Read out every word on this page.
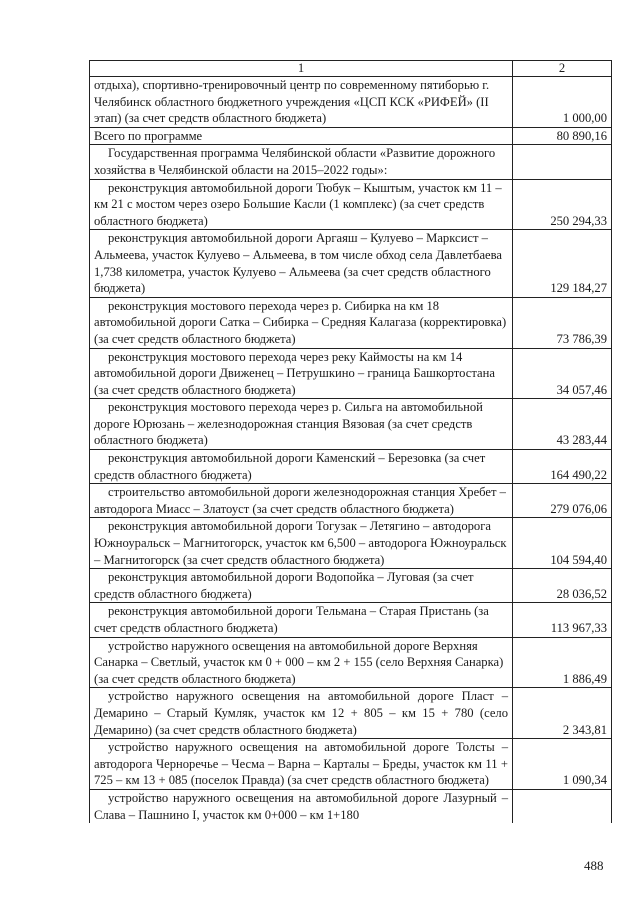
1	2
отдыха), спортивно-тренировочный центр по современному пятиборью г. Челябинск областного бюджетного учреждения «ЦСП КСК «РИФЕЙ» (II этап) (за счет средств областного бюджета)	1 000,00
Всего по программе	80 890,16
Государственная программа Челябинской области «Развитие дорожного хозяйства в Челябинской области на 2015–2022 годы»:	
реконструкция автомобильной дороги Тюбук – Кыштым, участок км 11 – км 21 с мостом через озеро Большие Касли (1 комплекс) (за счет средств областного бюджета)	250 294,33
реконструкция автомобильной дороги Аргаяш – Кулуево – Марксист – Альмеева, участок Кулуево – Альмеева, в том числе обход села Давлетбаева 1,738 километра, участок Кулуево – Альмеева (за счет средств областного бюджета)	129 184,27
реконструкция мостового перехода через р. Сибирка на км 18 автомобильной дороги Сатка – Сибирка – Средняя Калагаза (корректировка) (за счет средств областного бюджета)	73 786,39
реконструкция мостового перехода через реку Каймосты на км 14 автомобильной дороги Движенец – Петрушкино – граница Башкортостана (за счет средств областного бюджета)	34 057,46
реконструкция мостового перехода через р. Сильга на автомобильной дороге Юрюзань – железнодорожная станция Вязовая (за счет средств областного бюджета)	43 283,44
реконструкция автомобильной дороги Каменский – Березовка (за счет средств областного бюджета)	164 490,22
строительство автомобильной дороги железнодорожная станция Хребет – автодорога Миасс – Златоуст (за счет средств областного бюджета)	279 076,06
реконструкция автомобильной дороги Тогузак – Летягино – автодорога Южноуральск – Магнитогорск, участок км 6,500 – автодорога Южноуральск – Магнитогорск (за счет средств областного бюджета)	104 594,40
реконструкция автомобильной дороги Водопойка – Луговая (за счет средств областного бюджета)	28 036,52
реконструкция автомобильной дороги Тельмана – Старая Пристань (за счет средств областного бюджета)	113 967,33
устройство наружного освещения на автомобильной дороге Верхняя Санарка – Светлый, участок км 0 + 000 – км 2 + 155 (село Верхняя Санарка) (за счет средств областного бюджета)	1 886,49
устройство наружного освещения на автомобильной дороге Пласт – Демарино – Старый Кумляк, участок км 12 + 805 – км 15 + 780 (село Демарино) (за счет средств областного бюджета)	2 343,81
устройство наружного освещения на автомобильной дороге Толсты – автодорога Черноречье – Чесма – Варна – Карталы – Бреды, участок км 11 + 725 – км 13 + 085 (поселок Правда) (за счет средств областного бюджета)	1 090,34
устройство наружного освещения на автомобильной дороге Лазурный – Слава – Пашнино I, участок км 0+000 – км 1+180	
488
